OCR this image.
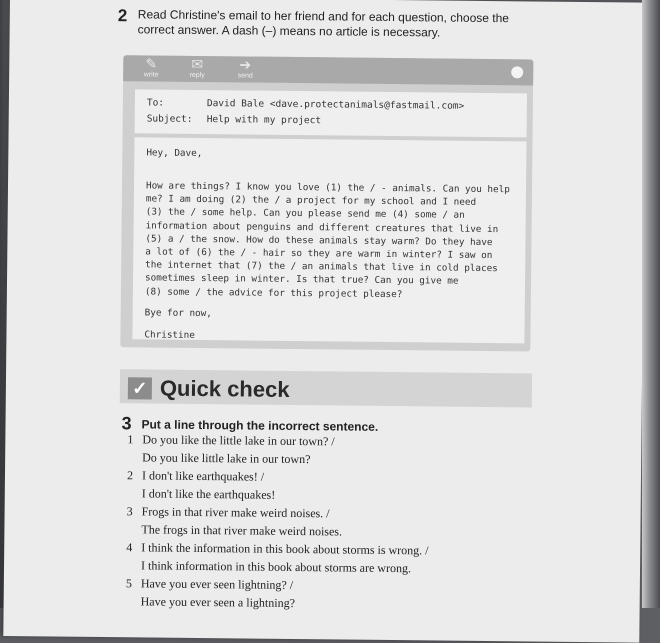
2 Read Christine's email to her friend and for each question, choose the
correct answer. A dash (–) means no article is necessary.
✎
write
✉
reply
➔
send
To:	David Bale <dave.protectanimals@fastmail.com>
Subject: Help with my project
Hey, Dave,
How are things? I know you love (1) the / - animals. Can you help
me? I am doing (2) the / a project for my school and I need
(3) the / some help. Can you please send me (4) some / an
information about penguins and different creatures that live in
(5) a / the snow. How do these animals stay warm? Do they have
a lot of (6) the / - hair so they are warm in winter? I saw on
the internet that (7) the / an animals that live in cold places
sometimes sleep in winter. Is that true? Can you give me
(8) some / the advice for this project please?
Bye for now,
Christine
✓ Quick check
3 Put a line through the incorrect sentence.
1 Do you like the little lake in our town? /
Do you like little lake in our town?
2 I don't like earthquakes! /
I don't like the earthquakes!
3 Frogs in that river make weird noises. /
The frogs in that river make weird noises.
4 I think the information in this book about storms is wrong. /
I think information in this book about storms are wrong.
5 Have you ever seen lightning? /
Have you ever seen a lightning?
